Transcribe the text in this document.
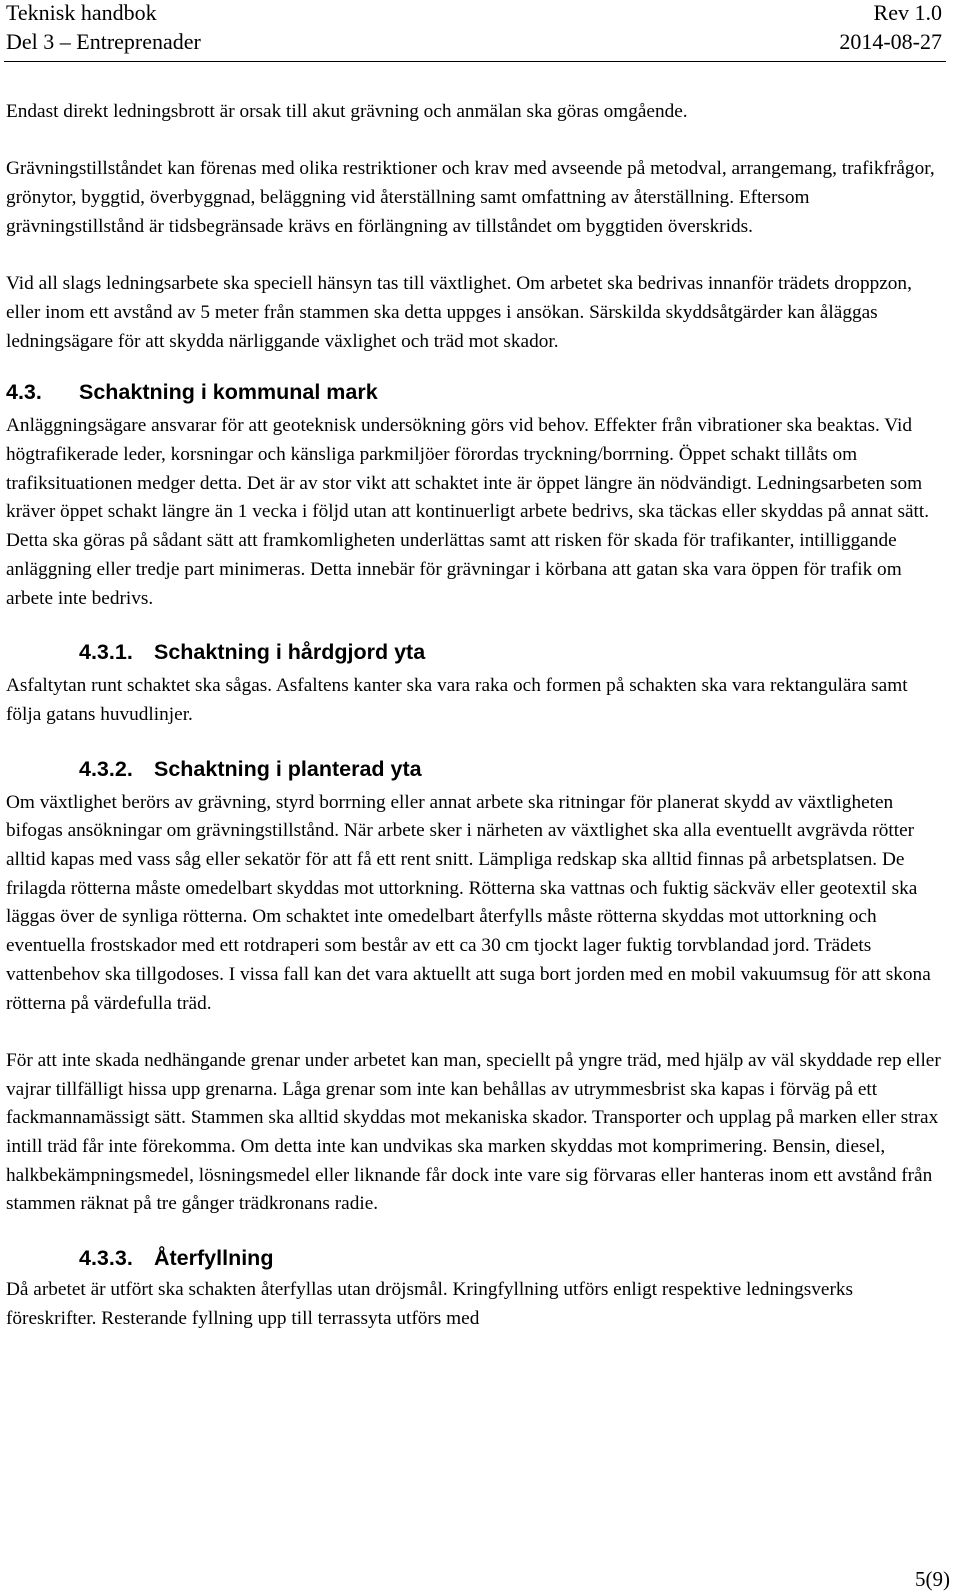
Teknisk handbok	Rev 1.0
Del 3 – Entreprenader	2014-08-27

Endast direkt ledningsbrott är orsak till akut grävning och anmälan ska göras omgående.

Grävningstillståndet kan förenas med olika restriktioner och krav med avseende på metodval, arrangemang, trafikfrågor, grönytor, byggtid, överbyggnad, beläggning vid återställning samt omfattning av återställning. Eftersom grävningstillstånd är tidsbegränsade krävs en förlängning av tillståndet om byggtiden överskrids.

Vid all slags ledningsarbete ska speciell hänsyn tas till växtlighet. Om arbetet ska bedrivas innanför trädets droppzon, eller inom ett avstånd av 5 meter från stammen ska detta uppges i ansökan. Särskilda skyddsåtgärder kan åläggas ledningsägare för att skydda närliggande växlighet och träd mot skador.

4.3.	Schaktning i kommunal mark

Anläggningsägare ansvarar för att geoteknisk undersökning görs vid behov. Effekter från vibrationer ska beaktas. Vid högtrafikerade leder, korsningar och känsliga parkmiljöer förordas tryckning/borrning. Öppet schakt tillåts om trafiksituationen medger detta. Det är av stor vikt att schaktet inte är öppet längre än nödvändigt. Ledningsarbeten som kräver öppet schakt längre än 1 vecka i följd utan att kontinuerligt arbete bedrivs, ska täckas eller skyddas på annat sätt. Detta ska göras på sådant sätt att framkomligheten underlättas samt att risken för skada för trafikanter, intilliggande anläggning eller tredje part minimeras. Detta innebär för grävningar i körbana att gatan ska vara öppen för trafik om arbete inte bedrivs.

4.3.1. Schaktning i hårdgjord yta

Asfaltytan runt schaktet ska sågas. Asfaltens kanter ska vara raka och formen på schakten ska vara rektangulära samt följa gatans huvudlinjer.

4.3.2. Schaktning i planterad yta

Om växtlighet berörs av grävning, styrd borrning eller annat arbete ska ritningar för planerat skydd av växtligheten bifogas ansökningar om grävningstillstånd. När arbete sker i närheten av växtlighet ska alla eventuellt avgrävda rötter alltid kapas med vass såg eller sekatör för att få ett rent snitt. Lämpliga redskap ska alltid finnas på arbetsplatsen. De frilagda rötterna måste omedelbart skyddas mot uttorkning. Rötterna ska vattnas och fuktig säckväv eller geotextil ska läggas över de synliga rötterna. Om schaktet inte omedelbart återfylls måste rötterna skyddas mot uttorkning och eventuella frostskador med ett rotdraperi som består av ett ca 30 cm tjockt lager fuktig torvblandad jord. Trädets vattenbehov ska tillgodoses. I vissa fall kan det vara aktuellt att suga bort jorden med en mobil vakuumsug för att skona rötterna på värdefulla träd.

För att inte skada nedhängande grenar under arbetet kan man, speciellt på yngre träd, med hjälp av väl skyddade rep eller vajrar tillfälligt hissa upp grenarna. Låga grenar som inte kan behållas av utrymmesbrist ska kapas i förväg på ett fackmannamässigt sätt. Stammen ska alltid skyddas mot mekaniska skador. Transporter och upplag på marken eller strax intill träd får inte förekomma. Om detta inte kan undvikas ska marken skyddas mot komprimering. Bensin, diesel, halkbekämpningsmedel, lösningsmedel eller liknande får dock inte vare sig förvaras eller hanteras inom ett avstånd från stammen räknat på tre gånger trädkronans radie.

4.3.3. Återfyllning

Då arbetet är utfört ska schakten återfyllas utan dröjsmål. Kringfyllning utförs enligt respektive ledningsverks föreskrifter. Resterande fyllning upp till terrassyta utförs med

5(9)
